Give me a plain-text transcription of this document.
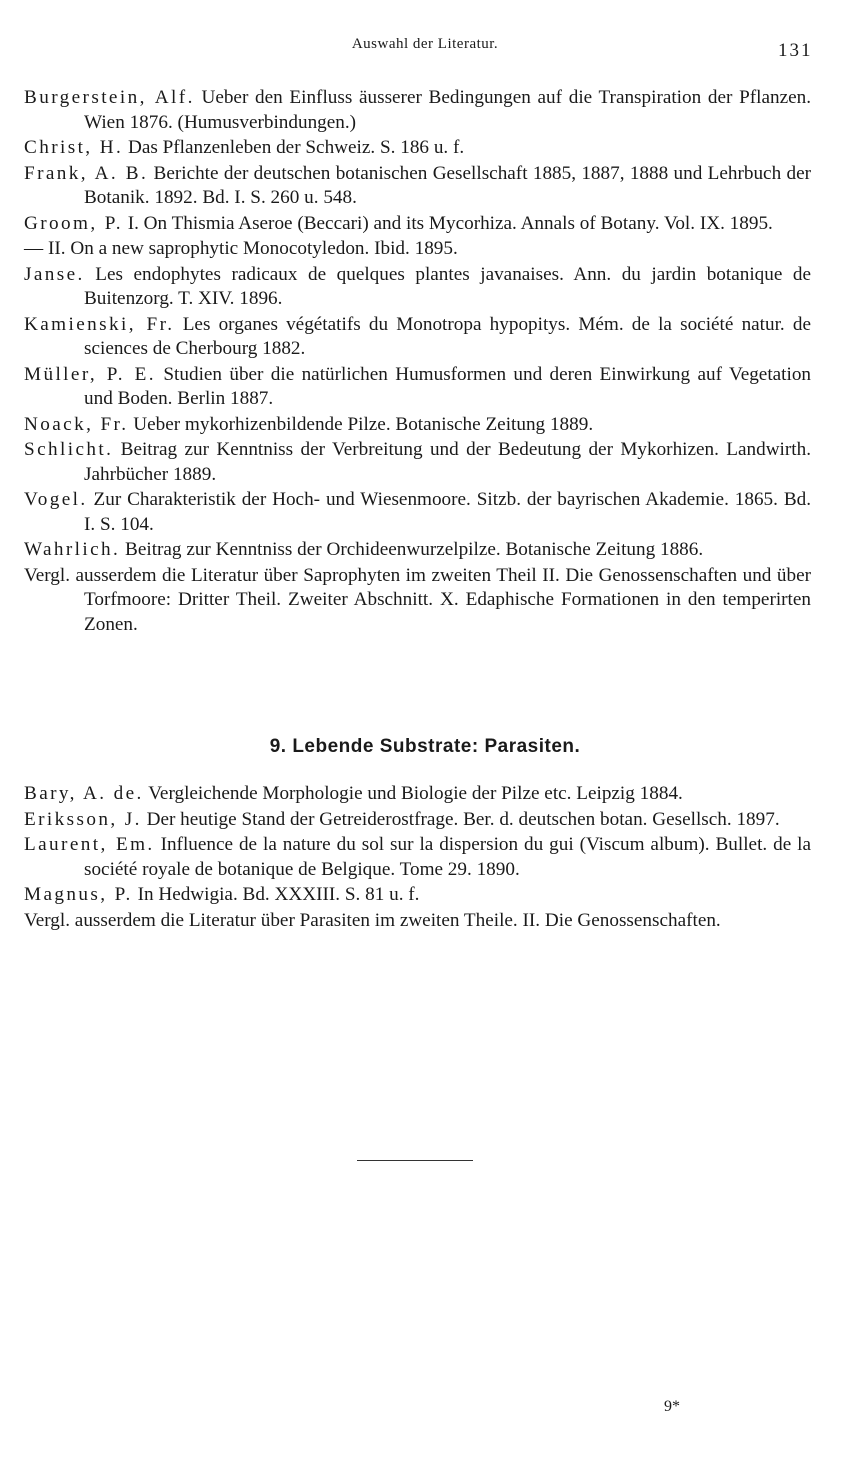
Auswahl der Literatur.	131

Burgerstein, Alf. Ueber den Einfluss äusserer Bedingungen auf die Transpiration der Pflanzen. Wien 1876. (Humusverbindungen.)

Christ, H. Das Pflanzenleben der Schweiz. S. 186 u. f.

Frank, A. B. Berichte der deutschen botanischen Gesellschaft 1885, 1887, 1888 und Lehrbuch der Botanik. 1892. Bd. I. S. 260 u. 548.

Groom, P. I. On Thismia Aseroe (Beccari) and its Mycorhiza. Annals of Botany. Vol. IX. 1895.

— II. On a new saprophytic Monocotyledon. Ibid. 1895.

Janse. Les endophytes radicaux de quelques plantes javanaises. Ann. du jardin botanique de Buitenzorg. T. XIV. 1896.

Kamienski, Fr. Les organes végétatifs du Monotropa hypopitys. Mém. de la société natur. de sciences de Cherbourg 1882.

Müller, P. E. Studien über die natürlichen Humusformen und deren Einwirkung auf Vegetation und Boden. Berlin 1887.

Noack, Fr. Ueber mykorhizenbildende Pilze. Botanische Zeitung 1889.

Schlicht. Beitrag zur Kenntniss der Verbreitung und der Bedeutung der Mykorhizen. Landwirth. Jahrbücher 1889.

Vogel. Zur Charakteristik der Hoch- und Wiesenmoore. Sitzb. der bayrischen Akademie. 1865. Bd. I. S. 104.

Wahrlich. Beitrag zur Kenntniss der Orchideenwurzelpilze. Botanische Zeitung 1886.

Vergl. ausserdem die Literatur über Saprophyten im zweiten Theil II. Die Genossenschaften und über Torfmoore: Dritter Theil. Zweiter Abschnitt. X. Edaphische Formationen in den temperirten Zonen.

9. Lebende Substrate: Parasiten.

Bary, A. de. Vergleichende Morphologie und Biologie der Pilze etc. Leipzig 1884.

Eriksson, J. Der heutige Stand der Getreiderostfrage. Ber. d. deutschen botan. Gesellsch. 1897.

Laurent, Em. Influence de la nature du sol sur la dispersion du gui (Viscum album). Bullet. de la société royale de botanique de Belgique. Tome 29. 1890.

Magnus, P. In Hedwigia. Bd. XXXIII. S. 81 u. f.

Vergl. ausserdem die Literatur über Parasiten im zweiten Theile. II. Die Genossenschaften.

9*
